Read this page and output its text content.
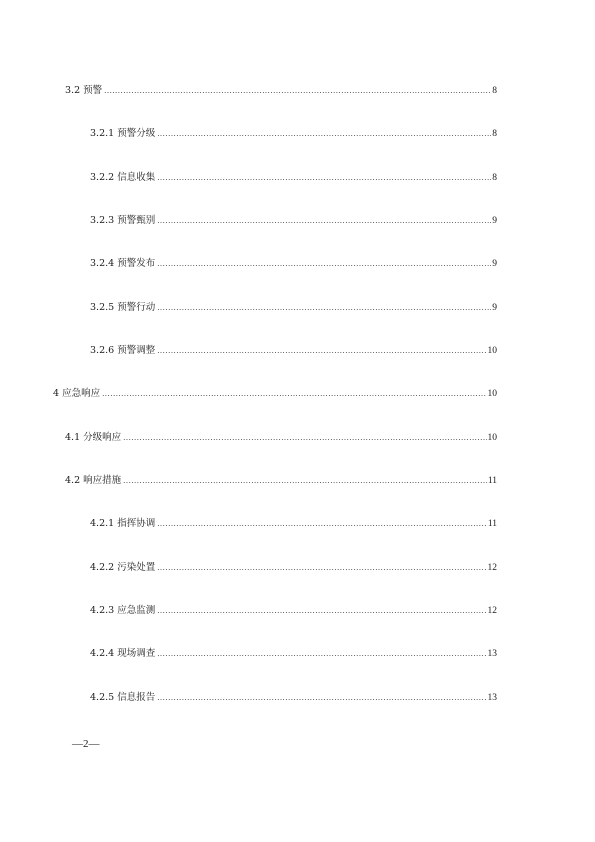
3.2 预警 .....	8
3.2.1 预警分级 .....	8
3.2.2 信息收集 .....	8
3.2.3 预警甄别 .....	9
3.2.4 预警发布 .....	9
3.2.5 预警行动 .....	9
3.2.6 预警调整 .....	10
4 应急响应 .....	10
4.1 分级响应 .....	10
4.2 响应措施 .....	11
4.2.1 指挥协调 .....	11
4.2.2 污染处置 .....	12
4.2.3 应急监测 .....	12
4.2.4 现场调查 .....	13
4.2.5 信息报告 .....	13
—2—
